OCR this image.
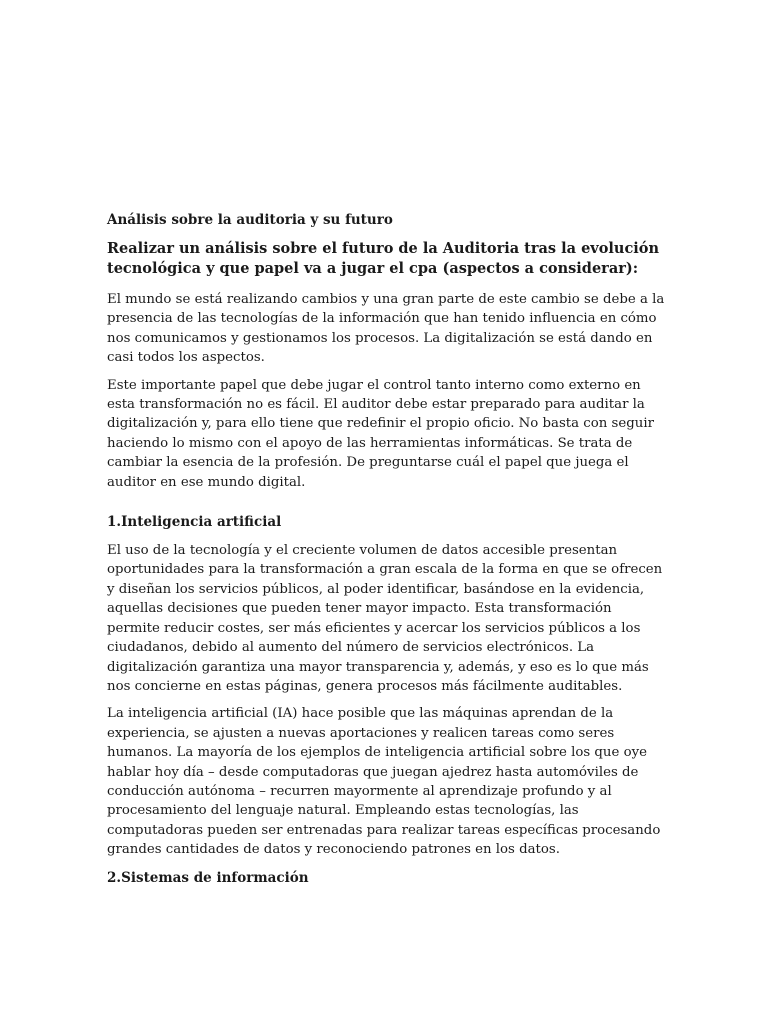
Análisis sobre la auditoria y su futuro
Realizar un análisis sobre el futuro de la Auditoria tras la evolución tecnológica y que papel va a jugar el cpa (aspectos a considerar):

El mundo se está realizando cambios y una gran parte de este cambio se debe a la presencia de las tecnologías de la información que han tenido influencia en cómo nos comunicamos y gestionamos los procesos. La digitalización se está dando en casi todos los aspectos.

Este importante papel que debe jugar el control tanto interno como externo en esta transformación no es fácil. El auditor debe estar preparado para auditar la digitalización y, para ello tiene que redefinir el propio oficio. No basta con seguir haciendo lo mismo con el apoyo de las herramientas informáticas. Se trata de cambiar la esencia de la profesión. De preguntarse cuál el papel que juega el auditor en ese mundo digital.

1.Inteligencia artificial

El uso de la tecnología y el creciente volumen de datos accesible presentan oportunidades para la transformación a gran escala de la forma en que se ofrecen y diseñan los servicios públicos, al poder identificar, basándose en la evidencia, aquellas decisiones que pueden tener mayor impacto. Esta transformación permite reducir costes, ser más eficientes y acercar los servicios públicos a los ciudadanos, debido al aumento del número de servicios electrónicos. La digitalización garantiza una mayor transparencia y, además, y eso es lo que más nos concierne en estas páginas, genera procesos más fácilmente auditables.

La inteligencia artificial (IA) hace posible que las máquinas aprendan de la experiencia, se ajusten a nuevas aportaciones y realicen tareas como seres humanos. La mayoría de los ejemplos de inteligencia artificial sobre los que oye hablar hoy día – desde computadoras que juegan ajedrez hasta automóviles de conducción autónoma – recurren mayormente al aprendizaje profundo y al procesamiento del lenguaje natural. Empleando estas tecnologías, las computadoras pueden ser entrenadas para realizar tareas específicas procesando grandes cantidades de datos y reconociendo patrones en los datos.

2.Sistemas de información
